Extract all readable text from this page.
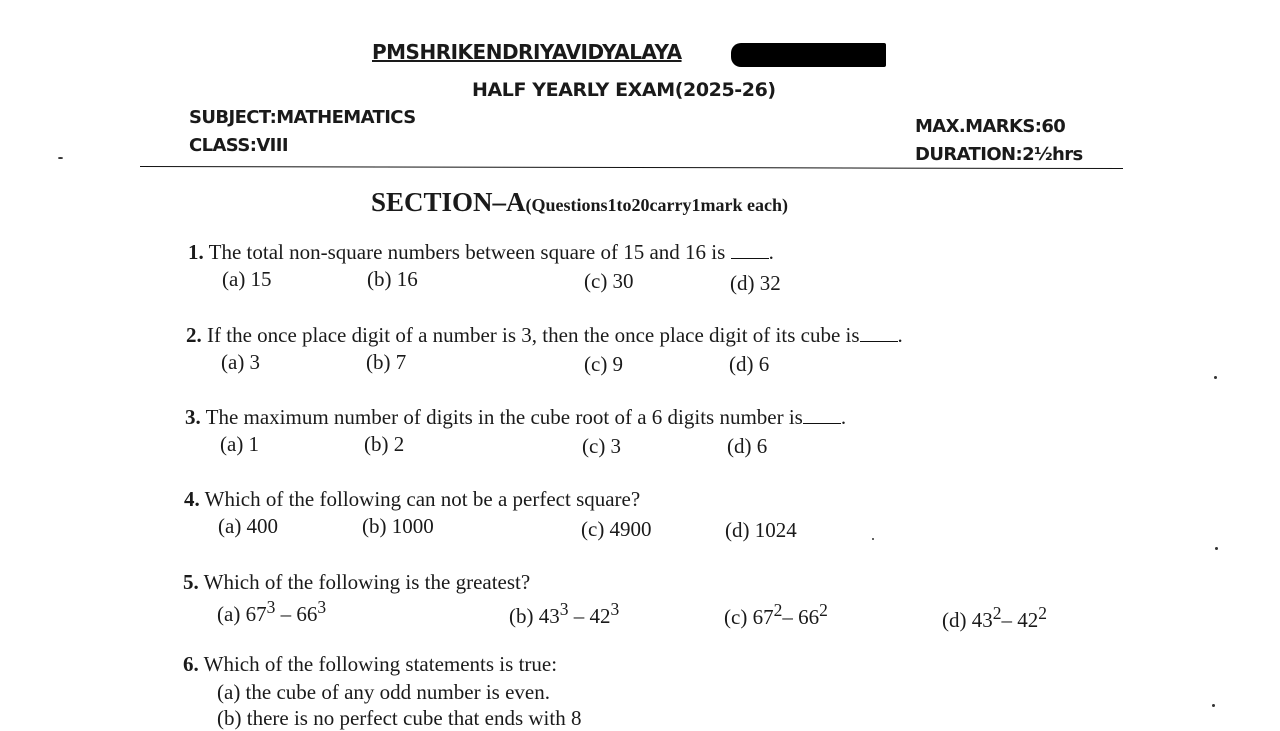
PMSHRIKENDRIYAVIDYALAYA
HALF YEARLY EXAM(2025-26)
SUBJECT:MATHEMATICS
CLASS:VIII
MAX.MARKS:60
DURATION:2½hrs
SECTION–A(Questions1to20carry1mark each)
1. The total non-square numbers between square of 15 and 16 is .
(a) 15	(b) 16	(c) 30	(d) 32
2. If the once place digit of a number is 3, then the once place digit of its cube is .
(a) 3	(b) 7	(c) 9	(d) 6
3. The maximum number of digits in the cube root of a 6 digits number is .
(a) 1	(b) 2	(c) 3	(d) 6
4. Which of the following can not be a perfect square?
(a) 400	(b) 1000	(c) 4900	(d) 1024
5. Which of the following is the greatest?
(a) $67^3 - 66^3$	(b) $43^3 - 42^3$	(c) $67^2-$ $66^2$	(d) $43^2-$ $42^2$
6. Which of the following statements is true:
(a) the cube of any odd number is even.
(b) there is no perfect cube that ends with 8
